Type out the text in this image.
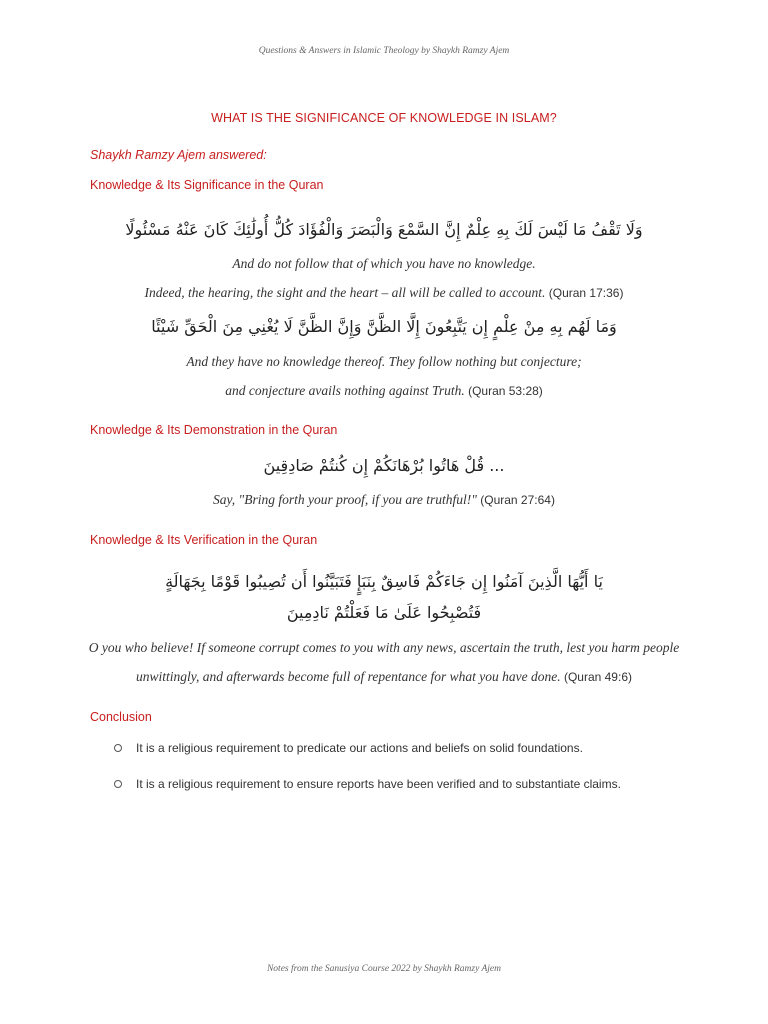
Questions & Answers in Islamic Theology by Shaykh Ramzy Ajem
WHAT IS THE SIGNIFICANCE OF KNOWLEDGE IN ISLAM?
Shaykh Ramzy Ajem answered:
Knowledge & Its Significance in the Quran
وَلَا تَقْفُ مَا لَيْسَ لَكَ بِهِ عِلْمٌ إِنَّ السَّمْعَ وَالْبَصَرَ وَالْفُؤَادَ كُلُّ أُولَٰئِكَ كَانَ عَنْهُ مَسْئُولًا
And do not follow that of which you have no knowledge.
Indeed, the hearing, the sight and the heart – all will be called to account. (Quran 17:36)
وَمَا لَهُم بِهِ مِنْ عِلْمٍ إِن يَتَّبِعُونَ إِلَّا الظَّنَّ وَإِنَّ الظَّنَّ لَا يُغْنِي مِنَ الْحَقِّ شَيْئًا
And they have no knowledge thereof. They follow nothing but conjecture;
and conjecture avails nothing against Truth. (Quran 53:28)
Knowledge & Its Demonstration in the Quran
... قُلْ هَاتُوا بُرْهَانَكُمْ إِن كُنتُمْ صَادِقِينَ
Say, "Bring forth your proof, if you are truthful!" (Quran 27:64)
Knowledge & Its Verification in the Quran
يَا أَيُّهَا الَّذِينَ آمَنُوا إِن جَاءَكُمْ فَاسِقٌ بِنَبَإٍ فَتَبَيَّنُوا أَن تُصِيبُوا قَوْمًا بِجَهَالَةٍ
فَتُصْبِحُوا عَلَىٰ مَا فَعَلْتُمْ نَادِمِينَ
O you who believe! If someone corrupt comes to you with any news, ascertain the truth, lest you harm people
unwittingly, and afterwards become full of repentance for what you have done. (Quran 49:6)
Conclusion
It is a religious requirement to predicate our actions and beliefs on solid foundations.
It is a religious requirement to ensure reports have been verified and to substantiate claims.
Notes from the Sanusiya Course 2022 by Shaykh Ramzy Ajem
